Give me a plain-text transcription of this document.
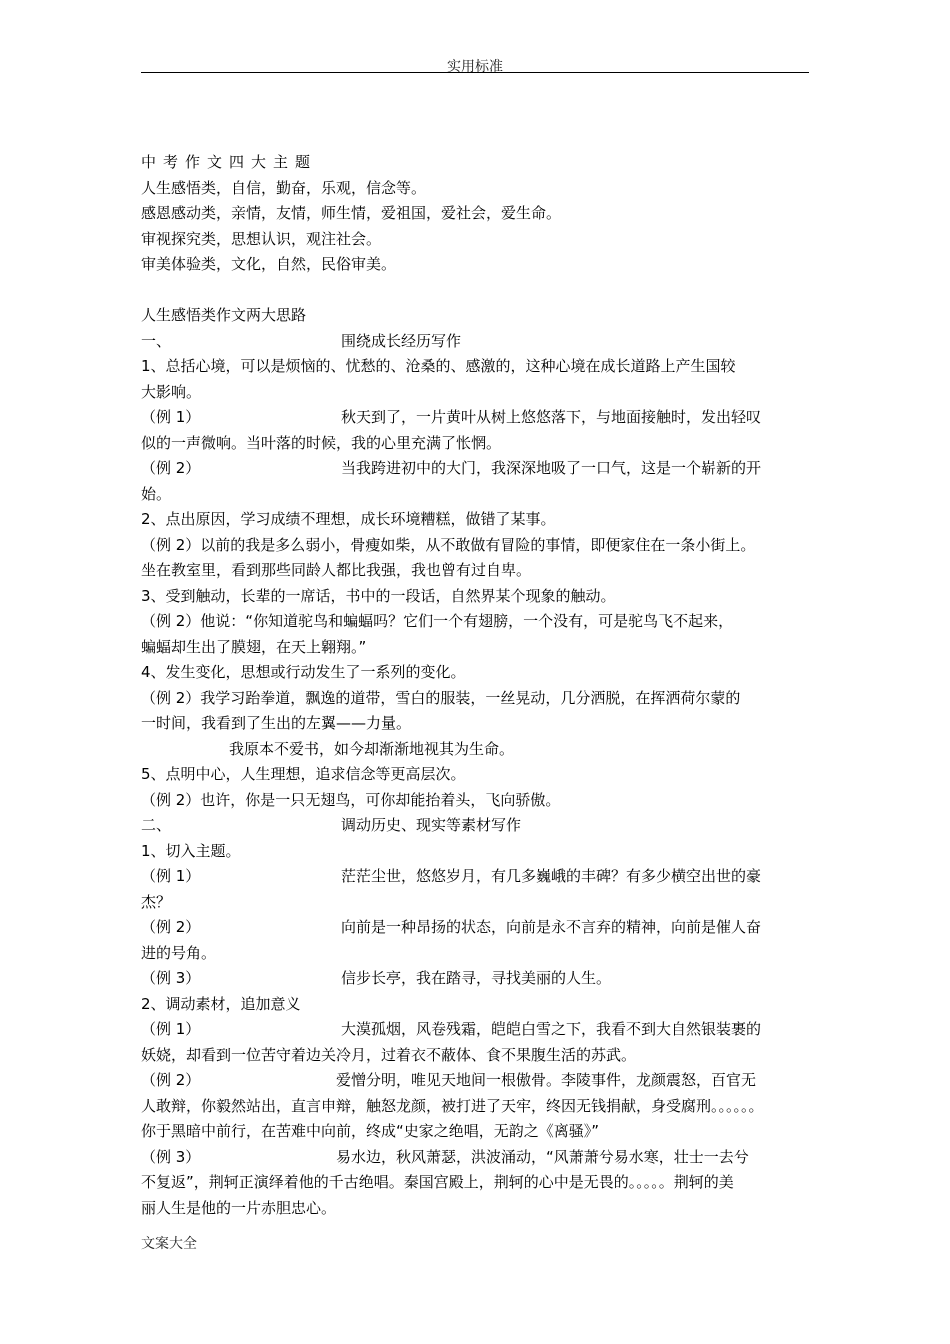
实用标准
中考作文四大主题
人生感悟类，自信，勤奋，乐观，信念等。
感恩感动类，亲情，友情，师生情，爱祖国，爱社会，爱生命。
审视探究类，思想认识，观注社会。
审美体验类，文化，自然，民俗审美。
人生感悟类作文两大思路
一、	围绕成长经历写作
1、总括心境，可以是烦恼的、忧愁的、沧桑的、感激的，这种心境在成长道路上产生国较
大影响。
（例 1）	秋天到了，一片黄叶从树上悠悠落下，与地面接触时，发出轻叹
似的一声微响。当叶落的时候，我的心里充满了怅惘。
（例 2）	当我跨进初中的大门，我深深地吸了一口气，这是一个崭新的开
始。
2、点出原因，学习成绩不理想，成长环境糟糕，做错了某事。
（例 2）以前的我是多么弱小，骨瘦如柴，从不敢做有冒险的事情，即便家住在一条小街上。
坐在教室里，看到那些同龄人都比我强，我也曾有过自卑。
3、受到触动，长辈的一席话，书中的一段话，自然界某个现象的触动。
（例 2）他说：“你知道驼鸟和蝙蝠吗？它们一个有翅膀，一个没有，可是驼鸟飞不起来，
蝙蝠却生出了膜翅，在天上翱翔。”
4、发生变化，思想或行动发生了一系列的变化。
（例 2）我学习跆拳道，飘逸的道带，雪白的服装，一丝晃动，几分洒脱，在挥洒荷尔蒙的
一时间，我看到了生出的左翼——力量。
我原本不爱书，如今却渐渐地视其为生命。
5、点明中心，人生理想，追求信念等更高层次。
（例 2）也许，你是一只无翅鸟，可你却能抬着头，飞向骄傲。
二、	调动历史、现实等素材写作
1、切入主题。
（例 1）	茫茫尘世，悠悠岁月，有几多巍峨的丰碑？有多少横空出世的豪
杰？
（例 2）	向前是一种昂扬的状态，向前是永不言弃的精神，向前是催人奋
进的号角。
（例 3）	信步长亭，我在踏寻，寻找美丽的人生。
2、调动素材，追加意义
（例 1）	大漠孤烟，风卷残霜，皑皑白雪之下，我看不到大自然银装裹的
妖娆，却看到一位苦守着边关冷月，过着衣不蔽体、食不果腹生活的苏武。
（例 2）	爱憎分明，唯见天地间一根傲骨。李陵事件，龙颜震怒，百官无
人敢辩，你毅然站出，直言申辩，触怒龙颜，被打进了天牢，终因无钱捐献，身受腐刑。。。。。。
你于黑暗中前行，在苦难中向前，终成“史家之绝唱，无韵之《离骚》”
（例 3）	易水边，秋风萧瑟，洪波涌动，“风萧萧兮易水寒，壮士一去兮
不复返”，荆轲正演绎着他的千古绝唱。秦国宫殿上，荆轲的心中是无畏的。。。。。荆轲的美
丽人生是他的一片赤胆忠心。
文案大全
